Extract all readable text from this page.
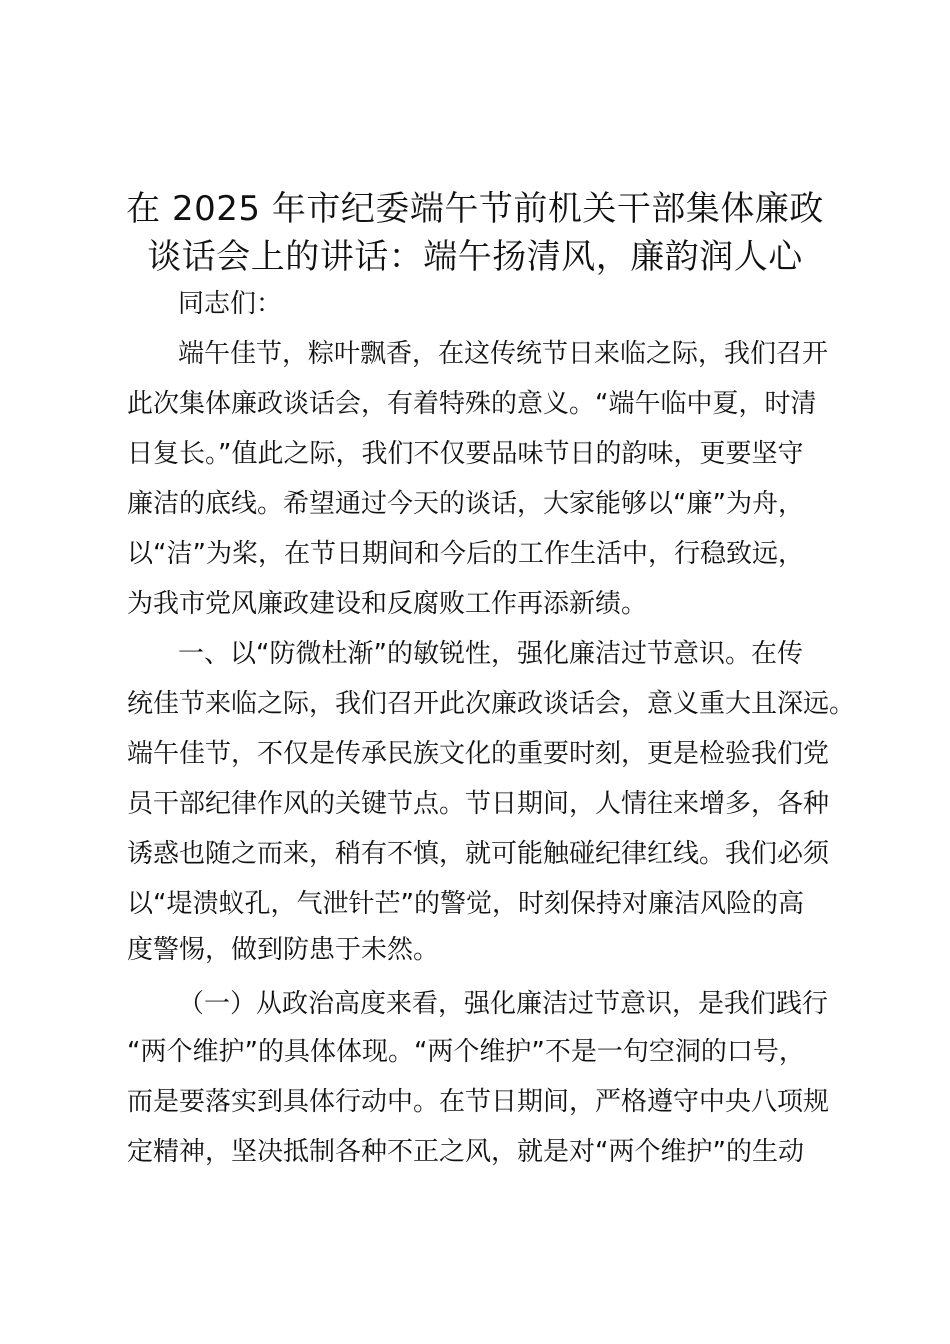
在 2025 年市纪委端午节前机关干部集体廉政
谈话会上的讲话：端午扬清风，廉韵润人心
同志们：
端午佳节，粽叶飘香，在这传统节日来临之际，我们召开
此次集体廉政谈话会，有着特殊的意义。“端午临中夏，时清
日复长。”值此之际，我们不仅要品味节日的韵味，更要坚守
廉洁的底线。希望通过今天的谈话，大家能够以“廉”为舟，
以“洁”为桨，在节日期间和今后的工作生活中，行稳致远，
为我市党风廉政建设和反腐败工作再添新绩。
一、以“防微杜渐”的敏锐性，强化廉洁过节意识。在传
统佳节来临之际，我们召开此次廉政谈话会，意义重大且深远。
端午佳节，不仅是传承民族文化的重要时刻，更是检验我们党
员干部纪律作风的关键节点。节日期间，人情往来增多，各种
诱惑也随之而来，稍有不慎，就可能触碰纪律红线。我们必须
以“堤溃蚁孔，气泄针芒”的警觉，时刻保持对廉洁风险的高
度警惕，做到防患于未然。
（一）从政治高度来看，强化廉洁过节意识，是我们践行
“两个维护”的具体体现。“两个维护”不是一句空洞的口号，
而是要落实到具体行动中。在节日期间，严格遵守中央八项规
定精神，坚决抵制各种不正之风，就是对“两个维护”的生动
